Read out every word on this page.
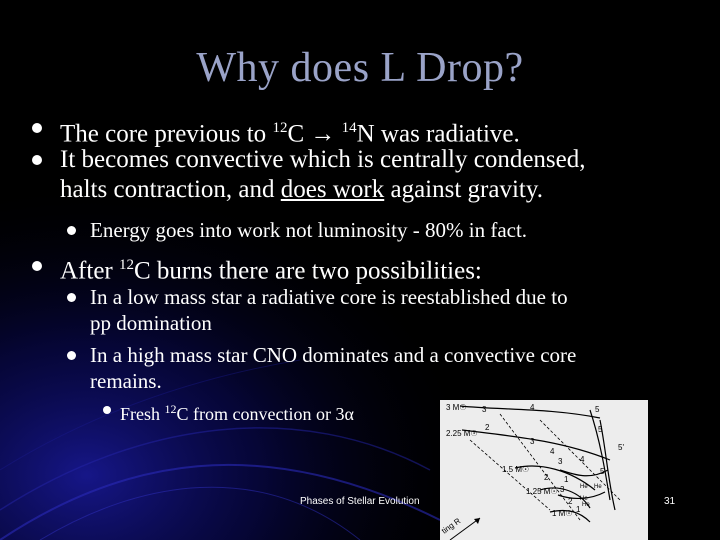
Why does L Drop?
The core previous to $^{12}$C → $^{14}$N was radiative.
It becomes convective which is centrally condensed,
halts contraction, and does work against gravity.
Energy goes into work not luminosity - 80% in fact.
After $^{12}$C burns there are two possibilities:
In a low mass star a radiative core is reestablished due to
pp domination
In a high mass star CNO dominates and a convective core
remains.
Fresh $^{12}$C from convection or 3α	3 M☉
2.25 M☉
1.5 M☉
1.25 M☉
1 M☉
3	4	5
2
3
4	5'
5
3 4
5
2 1
3
2
1
He He
He
He
ting R
Phases of Stellar Evolution	31
